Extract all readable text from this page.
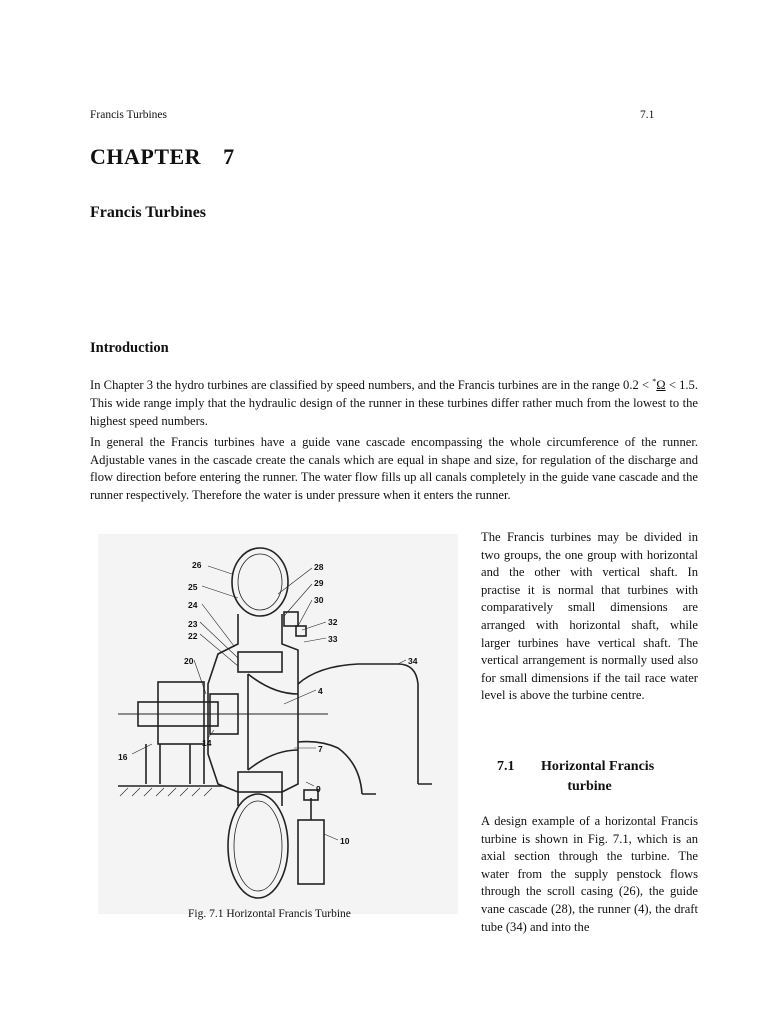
Francis Turbines	7.1
CHAPTER 7
Francis Turbines
Introduction

In Chapter 3 the hydro turbines are classified by speed numbers, and the Francis turbines are in the range 0.2 < *Ω < 1.5. This wide range imply that the hydraulic design of the runner in these turbines differ rather much from the lowest to the highest speed numbers.

In general the Francis turbines have a guide vane cascade encompassing the whole circumference of the runner. Adjustable vanes in the cascade create the canals which are equal in shape and size, for regulation of the discharge and flow direction before entering the runner. The water flow fills up all canals completely in the guide vane cascade and the runner respectively. Therefore the water is under pressure when it enters the runner.

26
25
24
23
22
20
16
14
28
29
30
32
33
34
4
7
9
10
Fig. 7.1 Horizontal Francis Turbine

The Francis turbines may be divided in two groups, the one group with horizontal and the other with vertical shaft. In practise it is normal that turbines with comparatively small dimensions are arranged with horizontal shaft, while larger turbines have vertical shaft. The vertical arrangement is normally used also for small dimensions if the tail race water level is above the turbine centre.

7.1 Horizontal Francis
turbine

A design example of a horizontal Francis turbine is shown in Fig. 7.1, which is an axial section through the turbine. The water from the supply penstock flows through the scroll casing (26), the guide vane cascade (28), the runner (4), the draft tube (34) and into the
